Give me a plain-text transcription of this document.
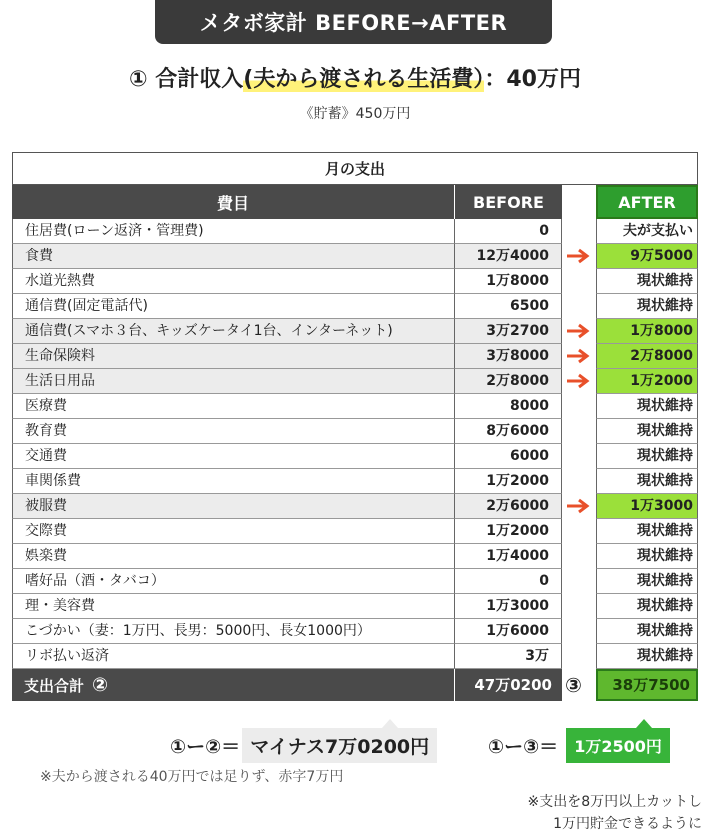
メタボ家計 BEFORE→AFTER
① 合計収入(夫から渡される生活費）：40万円
《貯蓄》450万円
月の支出
費目	BEFORE	AFTER
住居費(ローン返済・管理費)	0	夫が支払い
食費	12万4000	9万5000
水道光熱費	1万8000	現状維持
通信費(固定電話代)	6500	現状維持
通信費(スマホ３台、キッズケータイ1台、インターネット)	3万2700	1万8000
生命保険料	3万8000	2万8000
生活日用品	2万8000	1万2000
医療費	8000	現状維持
教育費	8万6000	現状維持
交通費	6000	現状維持
車関係費	1万2000	現状維持
被服費	2万6000	1万3000
交際費	1万2000	現状維持
娯楽費	1万4000	現状維持
嗜好品（酒・タバコ）	0	現状維持
理・美容費	1万3000	現状維持
こづかい（妻：1万円、長男：5000円、長女1000円）	1万6000	現状維持
リボ払い返済	3万	現状維持
支出合計 ②	47万0200 ③	38万7500
①ー②＝ マイナス7万0200円	①ー③＝	1万2500円
※夫から渡される40万円では足りず、赤字7万円
※支出を8万円以上カットし
1万円貯金できるように
